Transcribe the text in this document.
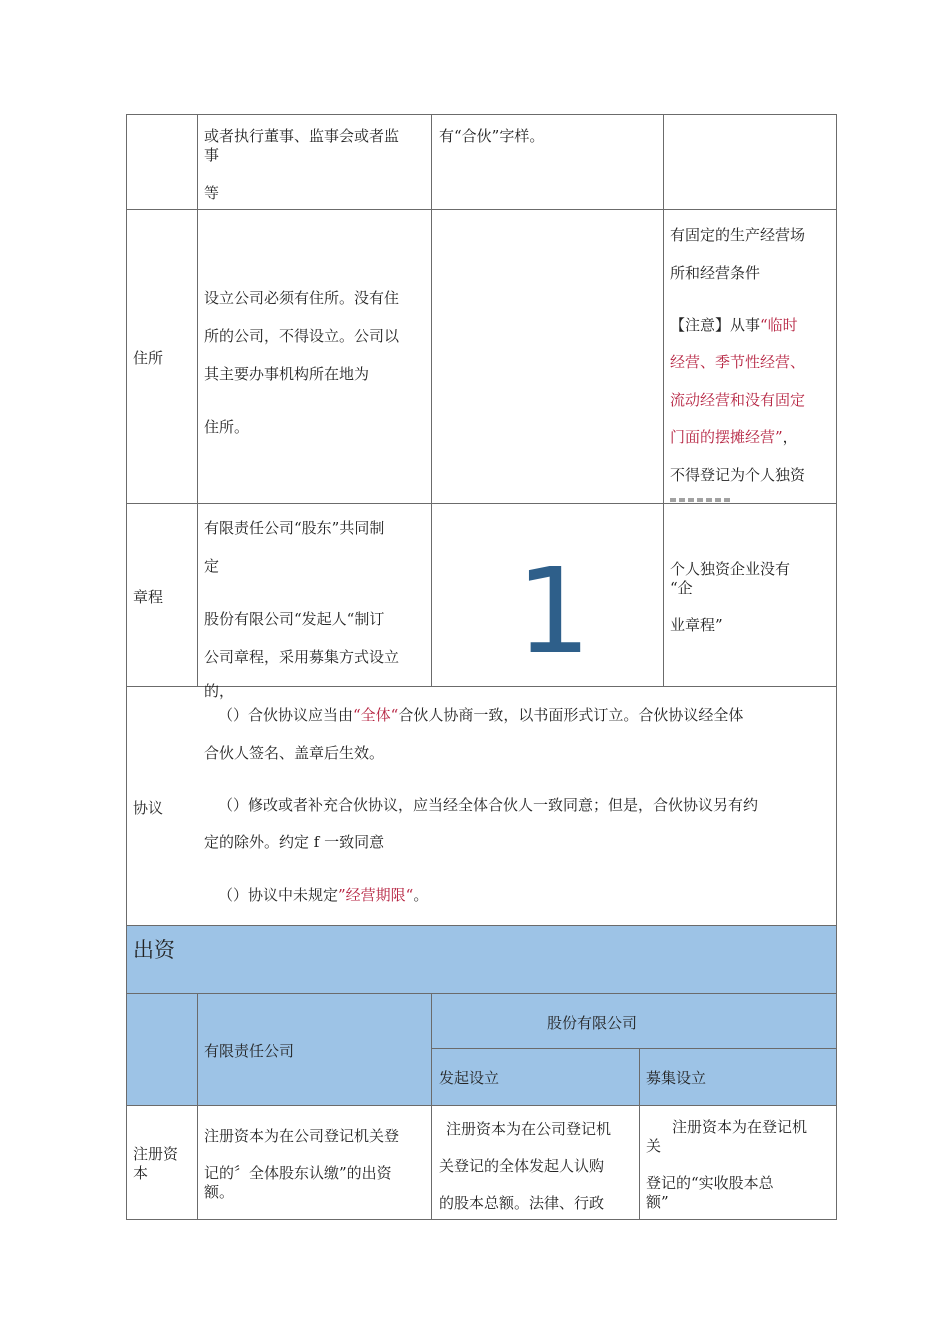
或者执行董事、监事会或者监
事
等
有“合伙”字样。
住所
设立公司必须有住所。没有住
所的公司，不得设立。公司以
其主要办事机构所在地为
住所。
有固定的生产经营场
所和经营条件
【注意】从事“临时
经营、季节性经营、
流动经营和没有固定
门面的摆摊经营”，
不得登记为个人独资
章程
有限责任公司“股东”共同制
定
股份有限公司“发起人“制订
公司章程，采用募集方式设立
的，
1	个人独资企业没有
“企
业章程”
协议
（）合伙协议应当由“全体“合伙人协商一致，以书面形式订立。合伙协议经全体
合伙人签名、盖章后生效。
（）修改或者补充合伙协议，应当经全体合伙人一致同意；但是，合伙协议另有约
定的除外。约定 f 一致同意
（）协议中未规定”经营期限“。
出资
有限责任公司
股份有限公司
发起设立	募集设立
注册资
本
注册资本为在公司登记机关登
记的〞全体股东认缴”的出资
额。
注册资本为在公司登记机
关登记的全体发起人认购
的股本总额。法律、行政
注册资本为在登记机
关
登记的“实收股本总
额”
